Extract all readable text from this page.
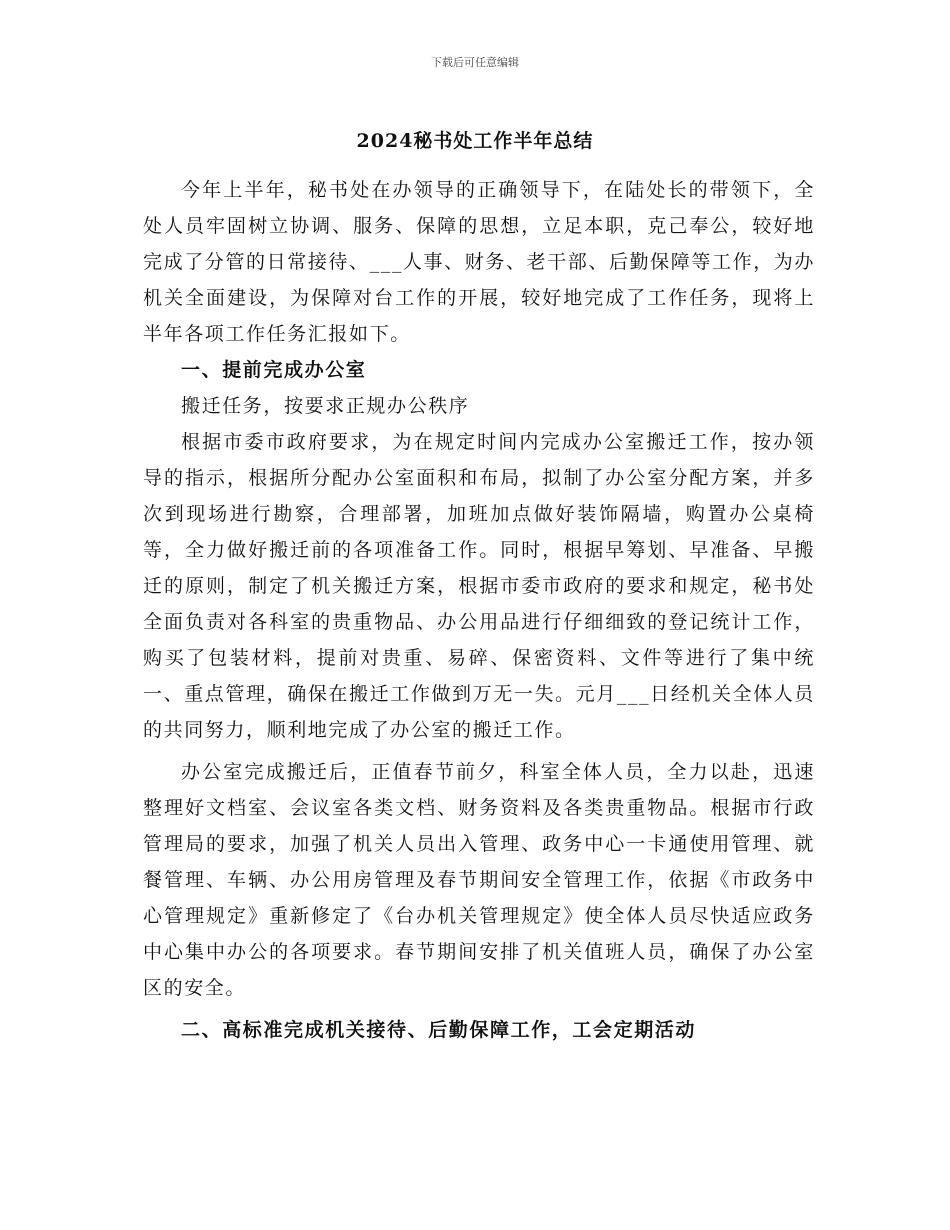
下载后可任意编辑
2024秘书处工作半年总结

今年上半年，秘书处在办领导的正确领导下，在陆处长的带领下，全处人员牢固树立协调、服务、保障的思想，立足本职，克己奉公，较好地完成了分管的日常接待、___人事、财务、老干部、后勤保障等工作，为办机关全面建设，为保障对台工作的开展，较好地完成了工作任务，现将上半年各项工作任务汇报如下。

一、提前完成办公室

搬迁任务，按要求正规办公秩序

根据市委市政府要求，为在规定时间内完成办公室搬迁工作，按办领导的指示，根据所分配办公室面积和布局，拟制了办公室分配方案，并多次到现场进行勘察，合理部署，加班加点做好装饰隔墙，购置办公桌椅等，全力做好搬迁前的各项准备工作。同时，根据早筹划、早准备、早搬迁的原则，制定了机关搬迁方案，根据市委市政府的要求和规定，秘书处全面负责对各科室的贵重物品、办公用品进行仔细细致的登记统计工作，购买了包装材料，提前对贵重、易碎、保密资料、文件等进行了集中统一、重点管理，确保在搬迁工作做到万无一失。元月___日经机关全体人员的共同努力，顺利地完成了办公室的搬迁工作。

办公室完成搬迁后，正值春节前夕，科室全体人员，全力以赴，迅速整理好文档室、会议室各类文档、财务资料及各类贵重物品。根据市行政管理局的要求，加强了机关人员出入管理、政务中心一卡通使用管理、就餐管理、车辆、办公用房管理及春节期间安全管理工作，依据《市政务中心管理规定》重新修定了《台办机关管理规定》使全体人员尽快适应政务中心集中办公的各项要求。春节期间安排了机关值班人员，确保了办公室区的安全。

二、高标准完成机关接待、后勤保障工作，工会定期活动
